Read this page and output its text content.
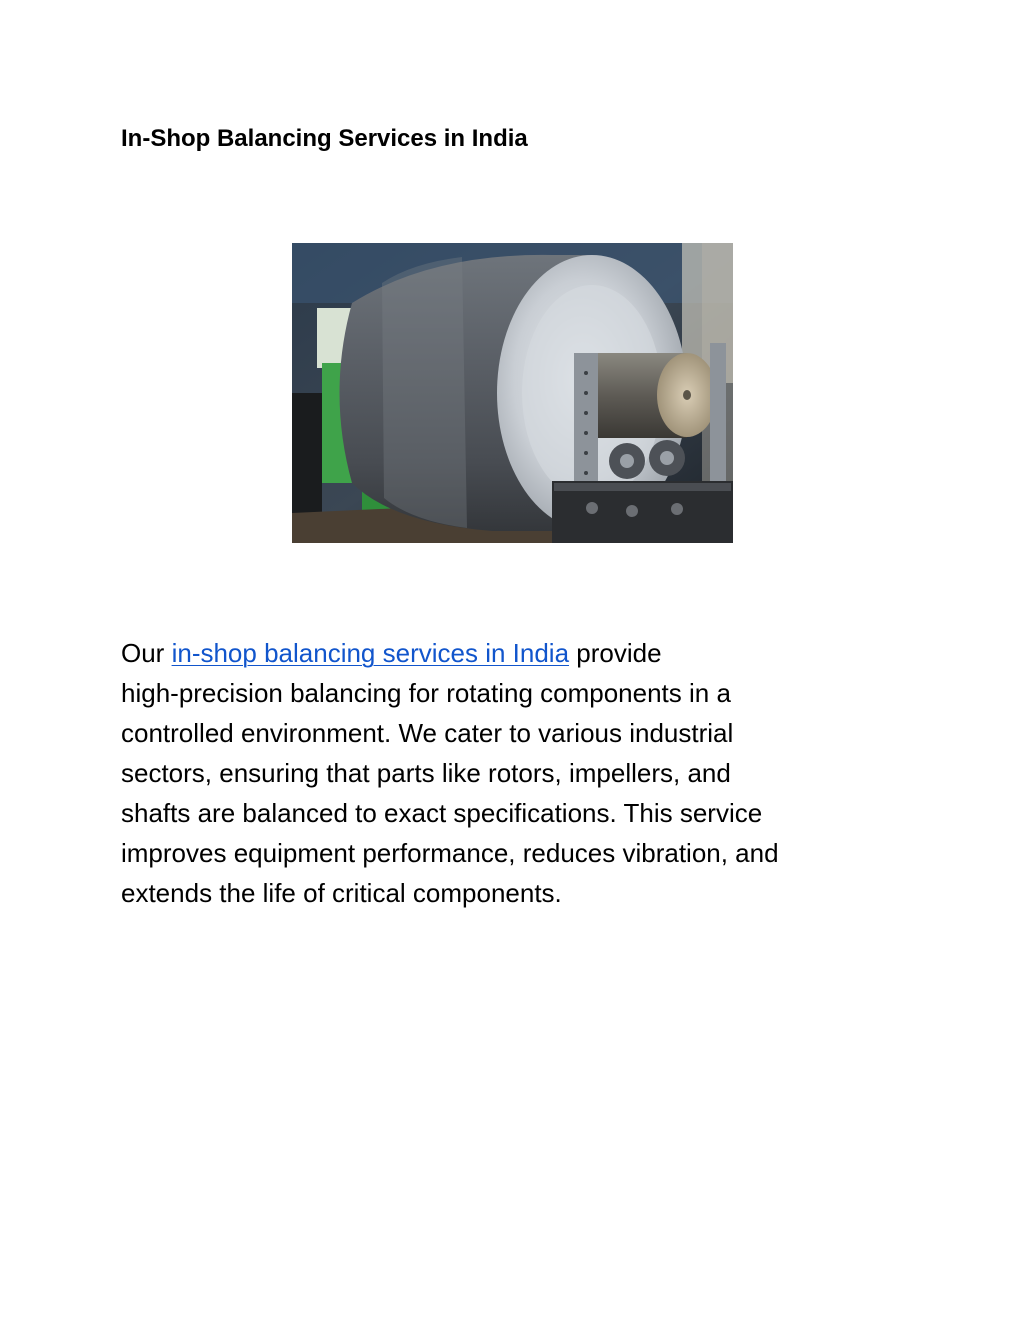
In-Shop Balancing Services in India

Our in-shop balancing services in India provide
high-precision balancing for rotating components in a
controlled environment. We cater to various industrial
sectors, ensuring that parts like rotors, impellers, and
shafts are balanced to exact specifications. This service
improves equipment performance, reduces vibration, and
extends the life of critical components.
